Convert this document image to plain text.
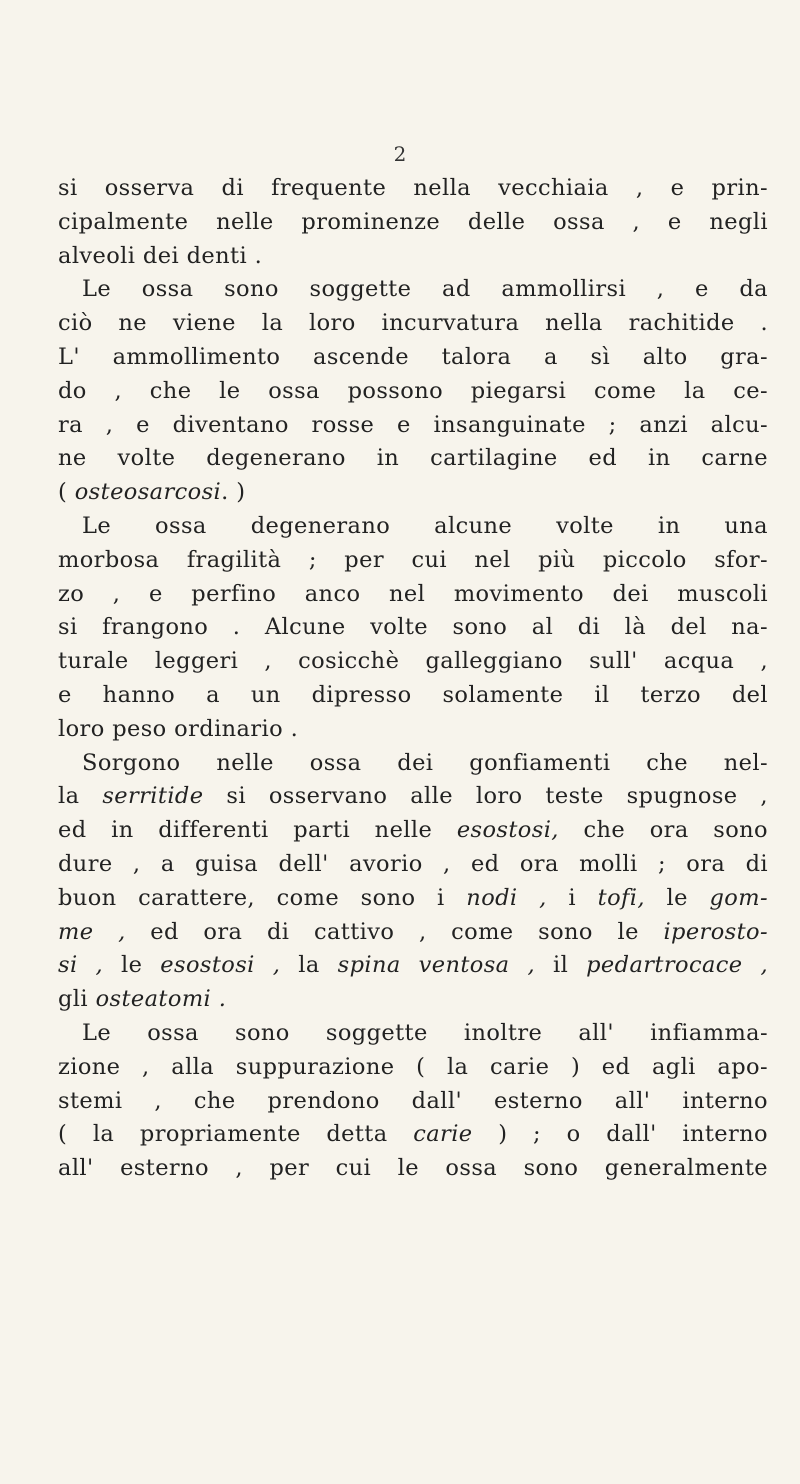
2
si osserva di frequente nella vecchiaia , e prin-
cipalmente nelle prominenze delle ossa , e negli
alveoli dei denti .
Le ossa sono soggette ad ammollirsi , e da
ciò ne viene la loro incurvatura nella rachitide .
L' ammollimento ascende talora a sì alto gra-
do , che le ossa possono piegarsi come la ce-
ra , e diventano rosse e insanguinate ; anzi alcu-
ne volte degenerano in cartilagine ed in carne
( osteosarcosi. )
Le ossa degenerano alcune volte in una
morbosa fragilità ; per cui nel più piccolo sfor-
zo , e perfino anco nel movimento dei muscoli
si frangono . Alcune volte sono al di là del na-
turale leggeri , cosicchè galleggiano sull' acqua ,
e hanno a un dipresso solamente il terzo del
loro peso ordinario .
Sorgono nelle ossa dei gonfiamenti che nel-
la serritide si osservano alle loro teste spugnose ,
ed in differenti parti nelle esostosi, che ora sono
dure , a guisa dell' avorio , ed ora molli ; ora di
buon carattere, come sono i nodi , i tofi, le gom-
me , ed ora di cattivo , come sono le iperosto-
si , le esostosi , la spina ventosa , il pedartrocace ,
gli osteatomi .
Le ossa sono soggette inoltre all' infiamma-
zione , alla suppurazione ( la carie ) ed agli apo-
stemi , che prendono dall' esterno all' interno
( la propriamente detta carie ) ; o dall' interno
all' esterno , per cui le ossa sono generalmente
